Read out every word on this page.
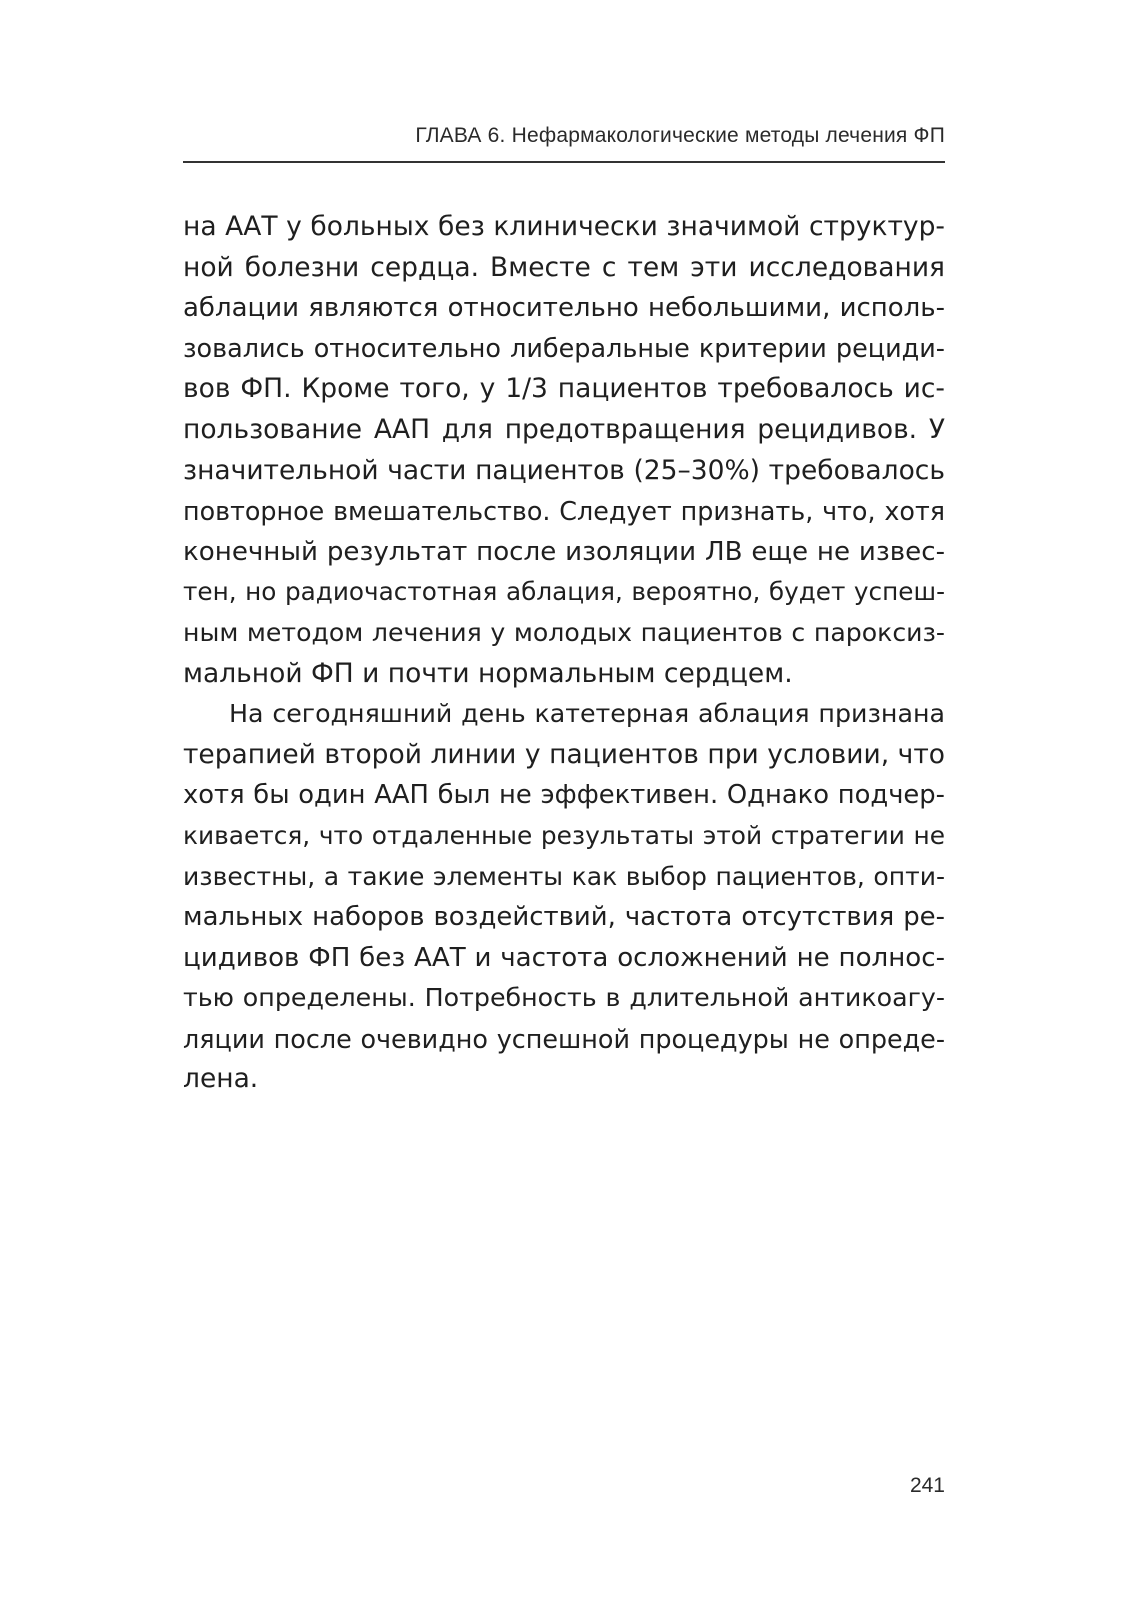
ГЛАВА 6. Нефармакологические методы лечения ФП
на ААТ у больных без клинически значимой структур-
ной болезни сердца. Вместе с тем эти исследования
аблации являются относительно небольшими, исполь-
зовались относительно либеральные критерии рециди-
вов ФП. Кроме того, у 1/3 пациентов требовалось ис-
пользование ААП для предотвращения рецидивов. У
значительной части пациентов (25–30%) требовалось
повторное вмешательство. Следует признать, что, хотя
конечный результат после изоляции ЛВ еще не извес-
тен, но радиочастотная аблация, вероятно, будет успеш-
ным методом лечения у молодых пациентов с пароксиз-
мальной ФП и почти нормальным сердцем.
На сегодняшний день катетерная аблация признана
терапией второй линии у пациентов при условии, что
хотя бы один ААП был не эффективен. Однако подчер-
кивается, что отдаленные результаты этой стратегии не
известны, а такие элементы как выбор пациентов, опти-
мальных наборов воздействий, частота отсутствия ре-
цидивов ФП без ААТ и частота осложнений не полнос-
тью определены. Потребность в длительной антикоагу-
ляции после очевидно успешной процедуры не опреде-
лена.
241
